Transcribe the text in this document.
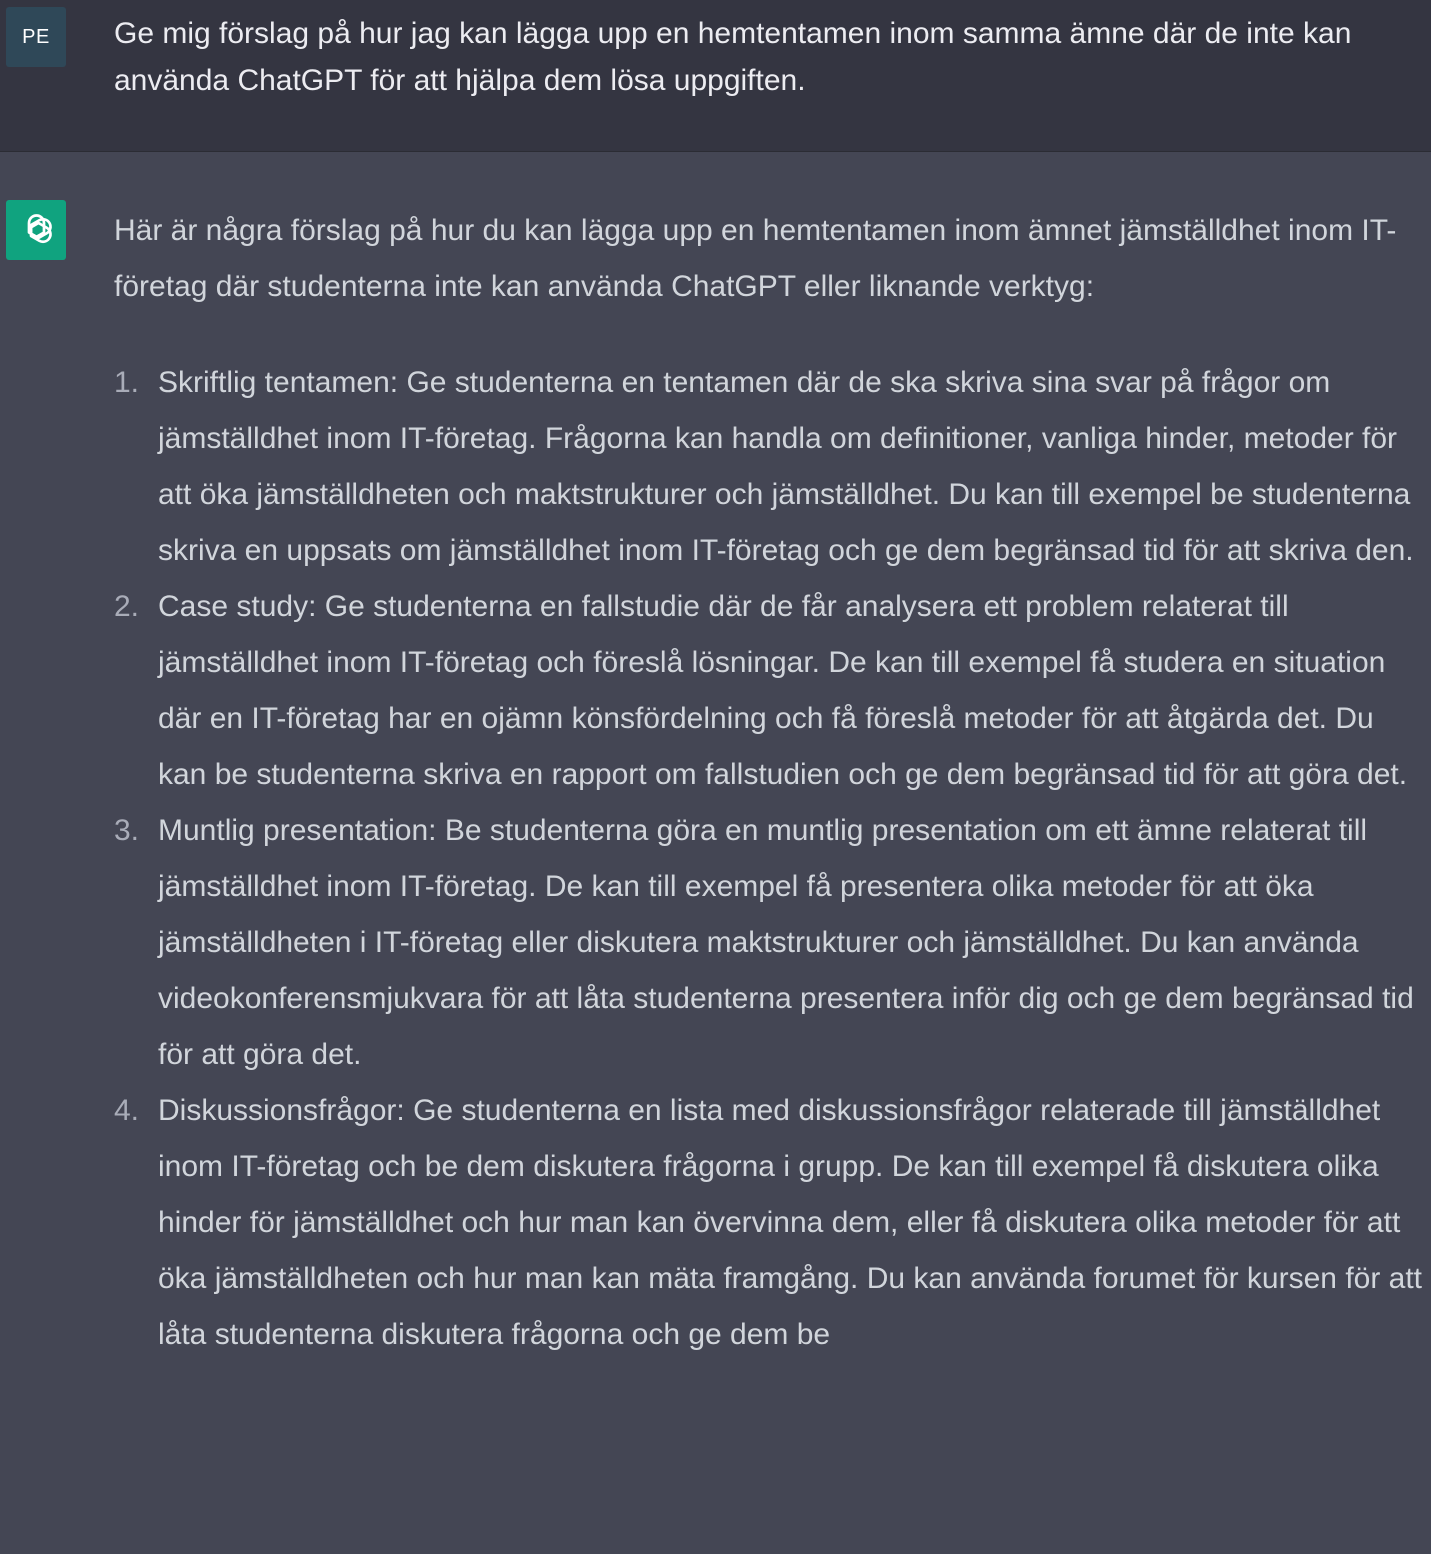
PE	Ge mig förslag på hur jag kan lägga upp en hemtentamen inom samma ämne där de inte kan använda ChatGPT för att hjälpa dem lösa uppgiften.

Här är några förslag på hur du kan lägga upp en hemtentamen inom ämnet jämställdhet inom IT-företag där studenterna inte kan använda ChatGPT eller liknande verktyg:

1. Skriftlig tentamen: Ge studenterna en tentamen där de ska skriva sina svar på frågor om jämställdhet inom IT-företag. Frågorna kan handla om definitioner, vanliga hinder, metoder för att öka jämställdheten och maktstrukturer och jämställdhet. Du kan till exempel be studenterna skriva en uppsats om jämställdhet inom IT-företag och ge dem begränsad tid för att skriva den.
2. Case study: Ge studenterna en fallstudie där de får analysera ett problem relaterat till jämställdhet inom IT-företag och föreslå lösningar. De kan till exempel få studera en situation där en IT-företag har en ojämn könsfördelning och få föreslå metoder för att åtgärda det. Du kan be studenterna skriva en rapport om fallstudien och ge dem begränsad tid för att göra det.
3. Muntlig presentation: Be studenterna göra en muntlig presentation om ett ämne relaterat till jämställdhet inom IT-företag. De kan till exempel få presentera olika metoder för att öka jämställdheten i IT-företag eller diskutera maktstrukturer och jämställdhet. Du kan använda videokonferensmjukvara för att låta studenterna presentera inför dig och ge dem begränsad tid för att göra det.
4. Diskussionsfrågor: Ge studenterna en lista med diskussionsfrågor relaterade till jämställdhet inom IT-företag och be dem diskutera frågorna i grupp. De kan till exempel få diskutera olika hinder för jämställdhet och hur man kan övervinna dem, eller få diskutera olika metoder för att öka jämställdheten och hur man kan mäta framgång. Du kan använda forumet för kursen för att låta studenterna diskutera frågorna och ge dem be
